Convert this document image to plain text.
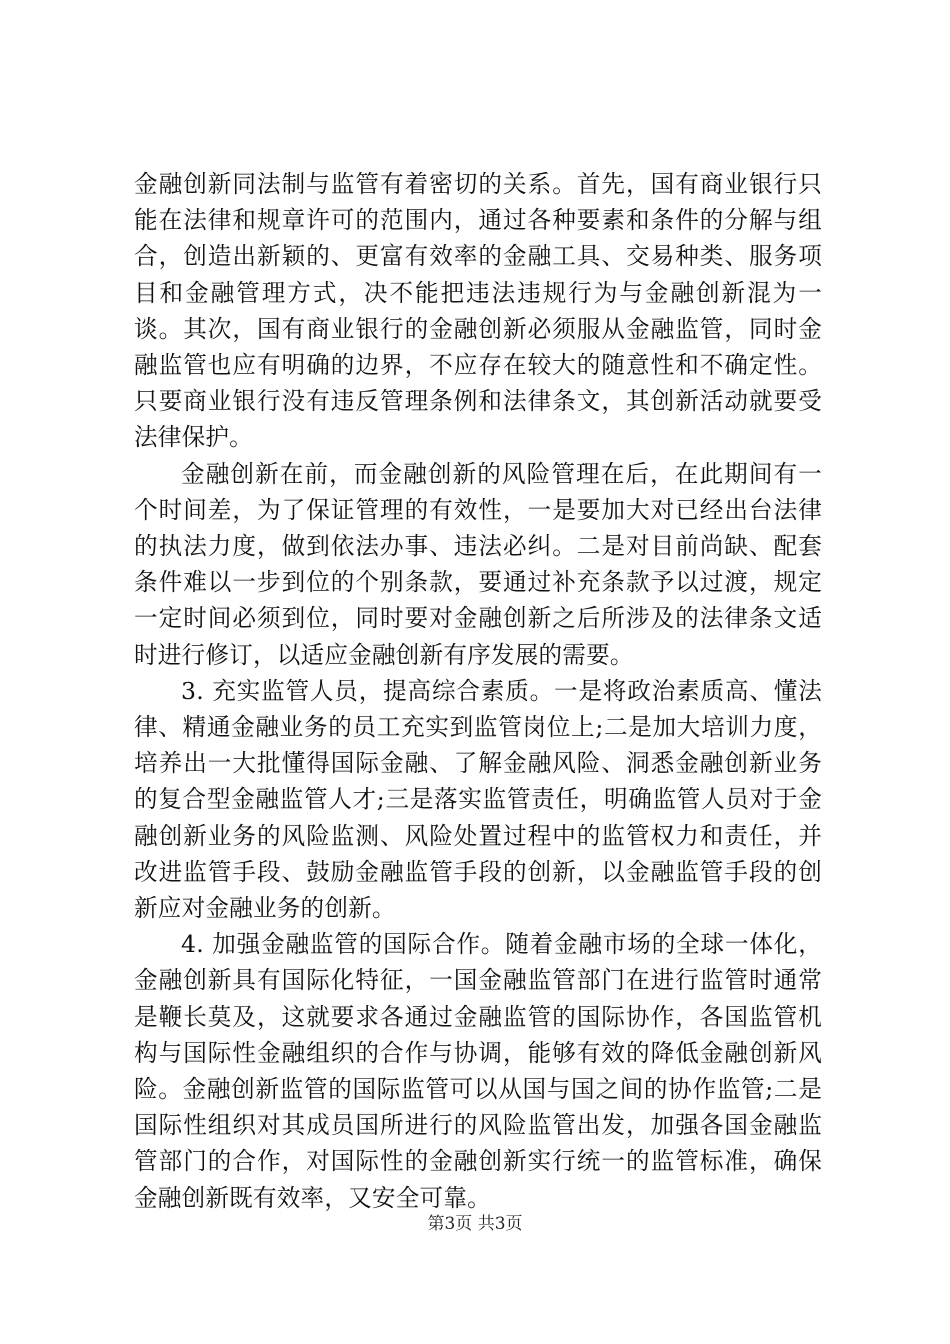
金融创新同法制与监管有着密切的关系。首先，国有商业银行只能在法律和规章许可的范围内，通过各种要素和条件的分解与组合，创造出新颖的、更富有效率的金融工具、交易种类、服务项目和金融管理方式，决不能把违法违规行为与金融创新混为一谈。其次，国有商业银行的金融创新必须服从金融监管，同时金融监管也应有明确的边界，不应存在较大的随意性和不确定性。只要商业银行没有违反管理条例和法律条文，其创新活动就要受法律保护。

金融创新在前，而金融创新的风险管理在后，在此期间有一个时间差，为了保证管理的有效性，一是要加大对已经出台法律的执法力度，做到依法办事、违法必纠。二是对目前尚缺、配套条件难以一步到位的个别条款，要通过补充条款予以过渡，规定一定时间必须到位，同时要对金融创新之后所涉及的法律条文适时进行修订，以适应金融创新有序发展的需要。

3. 充实监管人员，提高综合素质。一是将政治素质高、懂法律、精通金融业务的员工充实到监管岗位上;二是加大培训力度，培养出一大批懂得国际金融、了解金融风险、洞悉金融创新业务的复合型金融监管人才;三是落实监管责任，明确监管人员对于金融创新业务的风险监测、风险处置过程中的监管权力和责任，并改进监管手段、鼓励金融监管手段的创新，以金融监管手段的创新应对金融业务的创新。

4. 加强金融监管的国际合作。随着金融市场的全球一体化，金融创新具有国际化特征，一国金融监管部门在进行监管时通常是鞭长莫及，这就要求各通过金融监管的国际协作，各国监管机构与国际性金融组织的合作与协调，能够有效的降低金融创新风险。金融创新监管的国际监管可以从国与国之间的协作监管;二是国际性组织对其成员国所进行的风险监管出发，加强各国金融监管部门的合作，对国际性的金融创新实行统一的监管标准，确保金融创新既有效率，又安全可靠。

第3页 共3页
